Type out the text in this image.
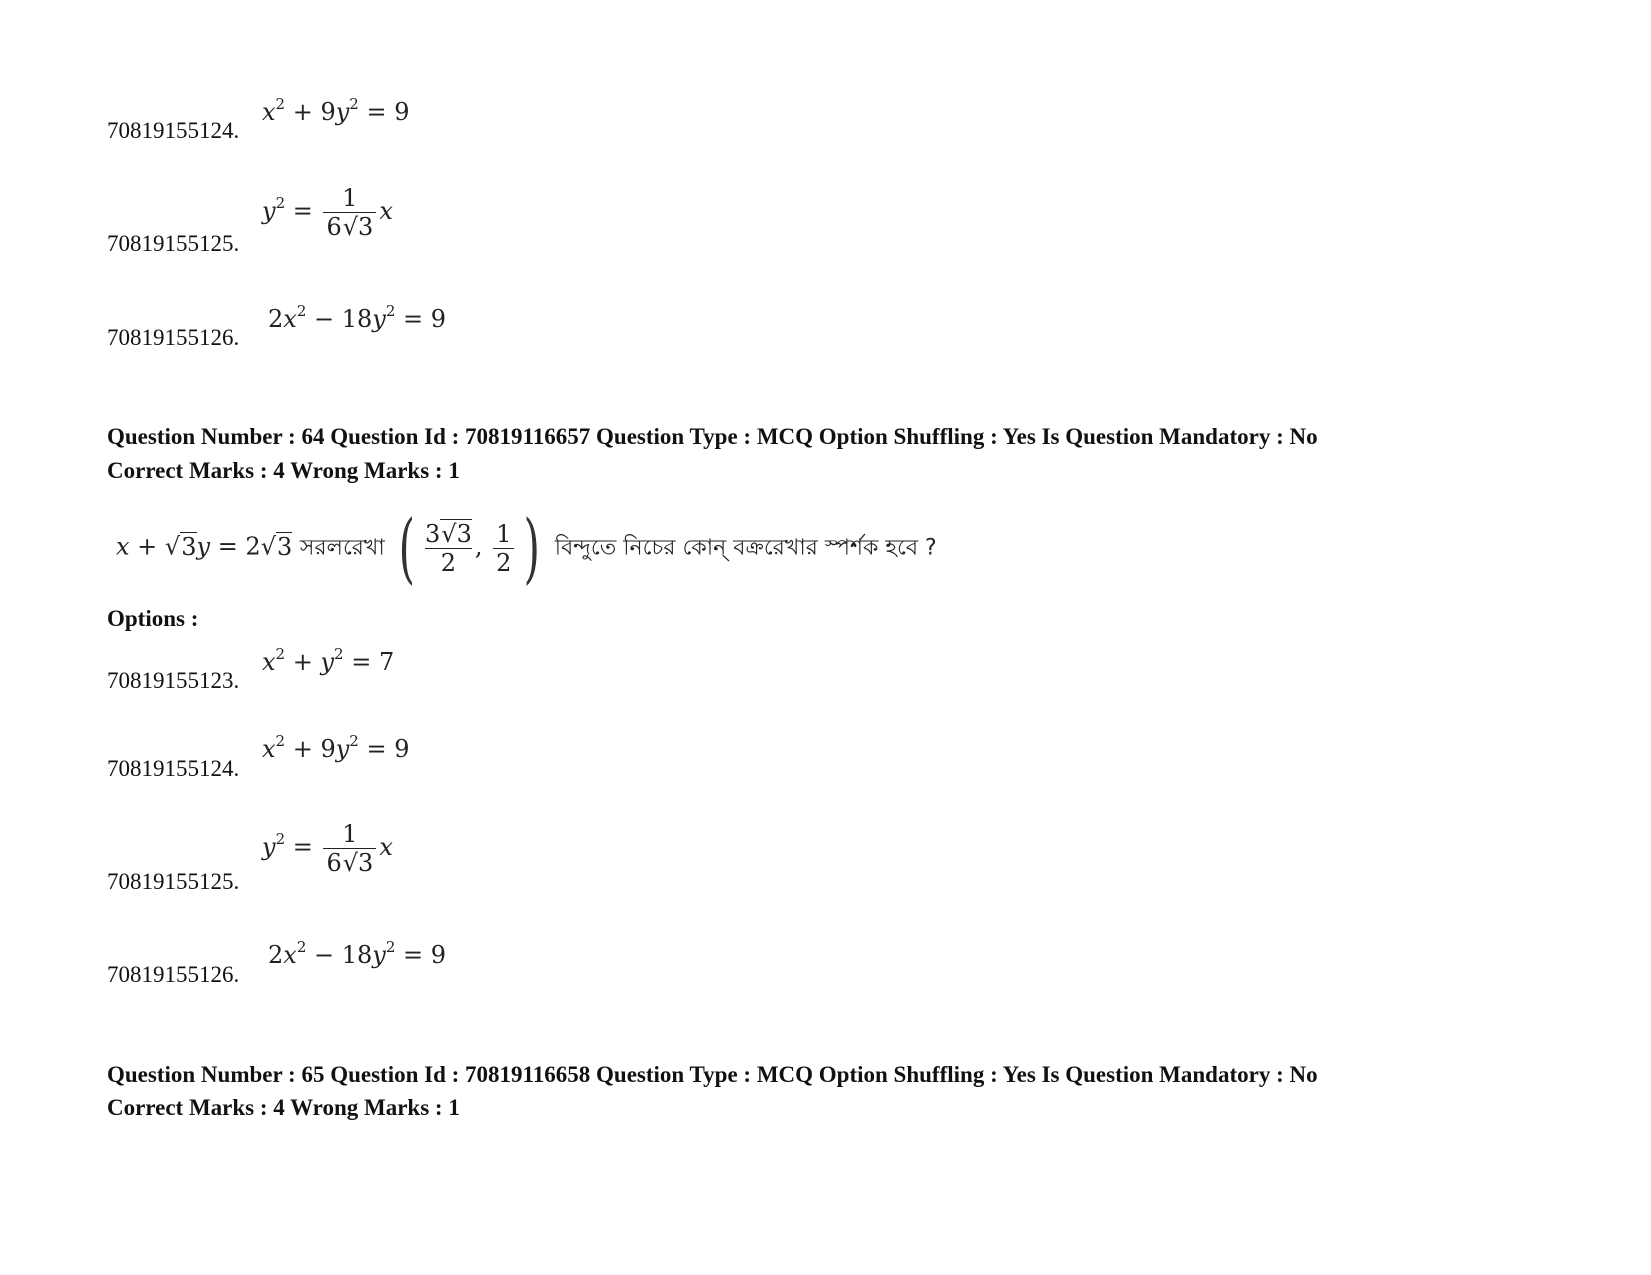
70819155124.
$x^2 + 9y^2 = 9$
70819155125.
$y^2 = \frac{1}{6√3}$ x
70819155126.
$2x^2 - 18y^2 = 9$
Question Number : 64 Question Id : 70819116657 Question Type : MCQ Option Shuffling : Yes Is Question Mandatory : No
Correct Marks : 4 Wrong Marks : 1
x + √3y = 2√3 সরলরেখা ( $\frac{3√3}{2}$ , $\frac{1}{2}$ ) বিন্দুতে নিচের কোন্ বক্ররেখার স্পর্শক হবে ?
Options :
70819155123.
$x^2 + y^2 = 7$
70819155124.
$x^2 + 9y^2 = 9$
70819155125.
$y^2 = \frac{1}{6√3}$ x
70819155126.
$2x^2 - 18y^2 = 9$
Question Number : 65 Question Id : 70819116658 Question Type : MCQ Option Shuffling : Yes Is Question Mandatory : No
Correct Marks : 4 Wrong Marks : 1
